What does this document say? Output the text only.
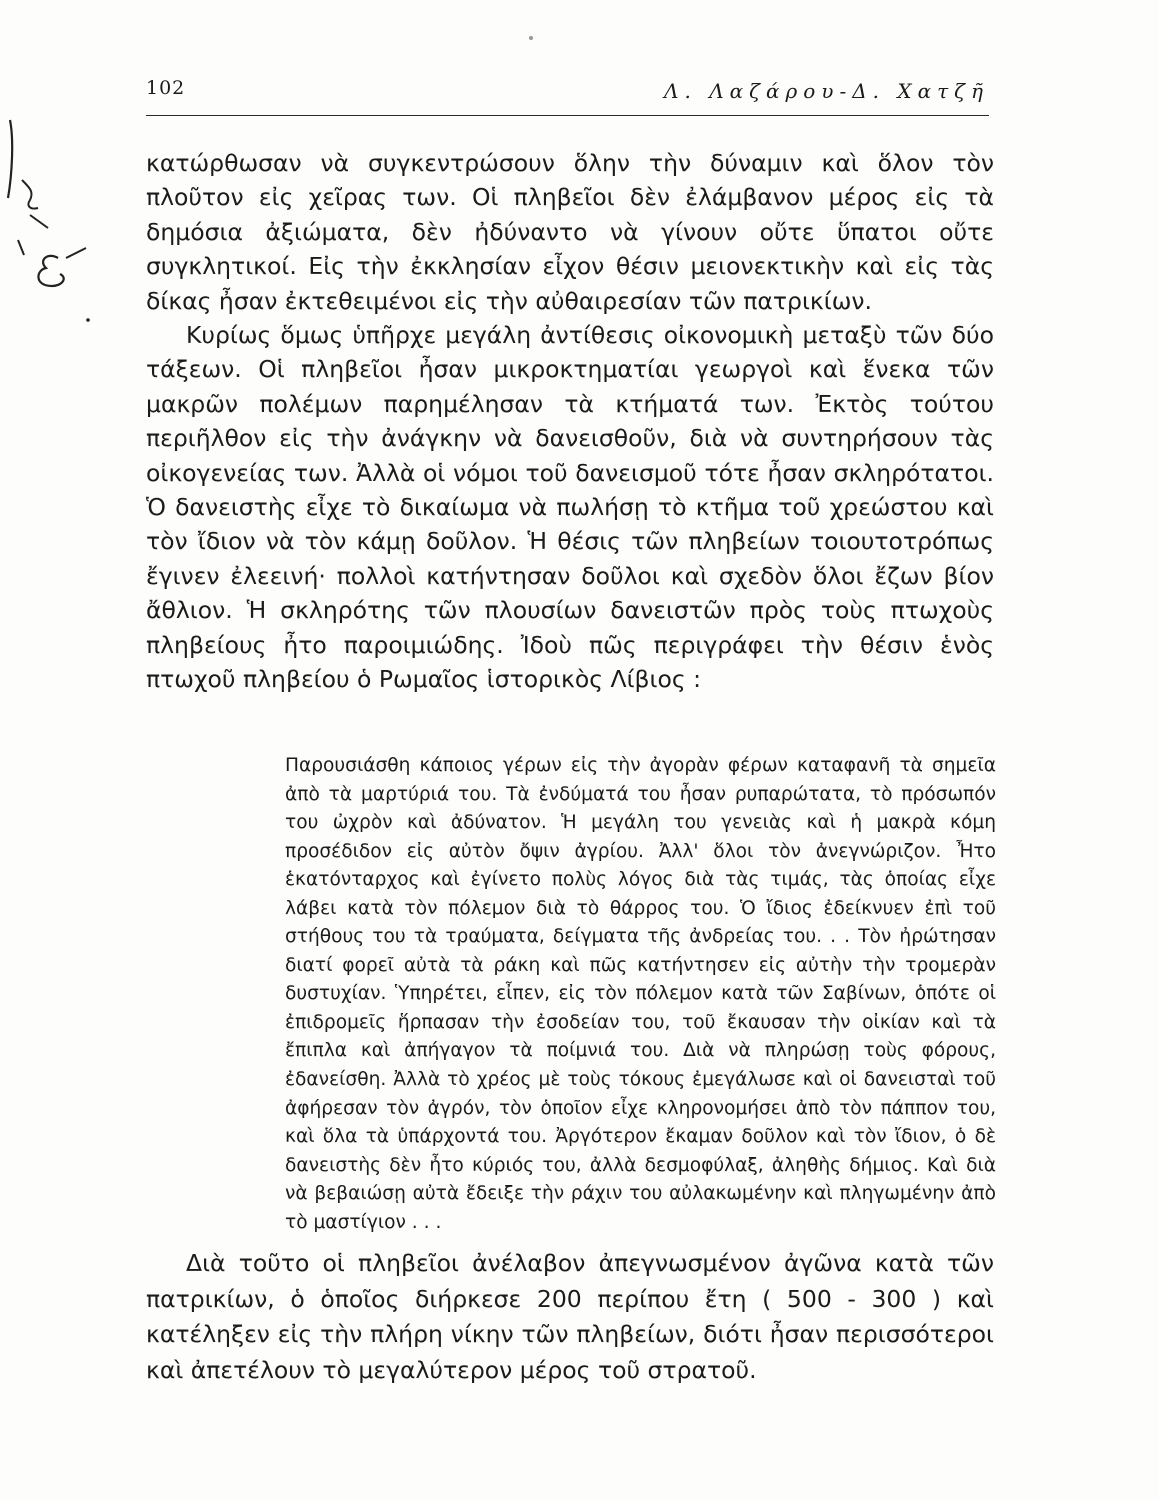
102	Λ. Λαζάρου-Δ. Χατζῆ

κατώρθωσαν νὰ συγκεντρώσουν ὅλην τὴν δύναμιν καὶ ὅλον τὸν πλοῦτον εἰς χεῖρας των. Οἱ πληβεῖοι δὲν ἐλάμβανον μέρος εἰς τὰ δημόσια ἀξιώματα, δὲν ἠδύναντο νὰ γίνουν οὔτε ὕπατοι οὔτε συγκλητικοί. Εἰς τὴν ἐκκλησίαν εἶχον θέσιν μειονεκτικὴν καὶ εἰς τὰς δίκας ἦσαν ἐκτεθειμένοι εἰς τὴν αὐθαιρεσίαν τῶν πατρικίων.

Κυρίως ὅμως ὑπῆρχε μεγάλη ἀντίθεσις οἰκονομικὴ μεταξὺ τῶν δύο τάξεων. Οἱ πληβεῖοι ἦσαν μικροκτηματίαι γεωργοὶ καὶ ἕνεκα τῶν μακρῶν πολέμων παρημέλησαν τὰ κτήματά των. Ἐκτὸς τούτου περιῆλθον εἰς τὴν ἀνάγκην νὰ δανεισθοῦν, διὰ νὰ συντηρήσουν τὰς οἰκογενείας των. Ἀλλὰ οἱ νόμοι τοῦ δανεισμοῦ τότε ἦσαν σκληρότατοι. Ὁ δανειστὴς εἶχε τὸ δικαίωμα νὰ πωλήσῃ τὸ κτῆμα τοῦ χρεώστου καὶ τὸν ἴδιον νὰ τὸν κάμῃ δοῦλον. Ἡ θέσις τῶν πληβείων τοιουτοτρόπως ἔγινεν ἐλεεινή· πολλοὶ κατήντησαν δοῦλοι καὶ σχεδὸν ὅλοι ἔζων βίον ἄθλιον. Ἡ σκληρότης τῶν πλουσίων δανειστῶν πρὸς τοὺς πτωχοὺς πληβείους ἦτο παροιμιώδης. Ἰδοὺ πῶς περιγράφει τὴν θέσιν ἑνὸς πτωχοῦ πληβείου ὁ Ρωμαῖος ἱστορικὸς Λίβιος :

Παρουσιάσθη κάποιος γέρων εἰς τὴν ἀγορὰν φέρων καταφανῆ τὰ σημεῖα ἀπὸ τὰ μαρτύριά του. Τὰ ἐνδύματά του ἦσαν ρυπαρώτατα, τὸ πρόσωπόν του ὠχρὸν καὶ ἀδύνατον. Ἡ μεγάλη του γενειὰς καὶ ἡ μακρὰ κόμη προσέδιδον εἰς αὐτὸν ὄψιν ἀγρίου. Ἀλλ' ὅλοι τὸν ἀνεγνώριζον. Ἦτο ἑκατόνταρχος καὶ ἐγίνετο πολὺς λόγος διὰ τὰς τιμάς, τὰς ὁποίας εἶχε λάβει κατὰ τὸν πόλεμον διὰ τὸ θάρρος του. Ὁ ἴδιος ἐδείκνυεν ἐπὶ τοῦ στήθους του τὰ τραύματα, δείγματα τῆς ἀνδρείας του. . . Τὸν ἠρώτησαν διατί φορεῖ αὐτὰ τὰ ράκη καὶ πῶς κατήντησεν εἰς αὐτὴν τὴν τρομερὰν δυστυχίαν. Ὑπηρέτει, εἶπεν, εἰς τὸν πόλεμον κατὰ τῶν Σαβίνων, ὁπότε οἱ ἐπιδρομεῖς ἥρπασαν τὴν ἐσοδείαν του, τοῦ ἔκαυσαν τὴν οἰκίαν καὶ τὰ ἔπιπλα καὶ ἀπήγαγον τὰ ποίμνιά του. Διὰ νὰ πληρώσῃ τοὺς φόρους, ἐδανείσθη. Ἀλλὰ τὸ χρέος μὲ τοὺς τόκους ἐμεγάλωσε καὶ οἱ δανεισταὶ τοῦ ἀφήρεσαν τὸν ἀγρόν, τὸν ὁποῖον εἶχε κληρονομήσει ἀπὸ τὸν πάππον του, καὶ ὅλα τὰ ὑπάρχοντά του. Ἀργότερον ἔκαμαν δοῦλον καὶ τὸν ἴδιον, ὁ δὲ δανειστὴς δὲν ἦτο κύριός του, ἀλλὰ δεσμοφύλαξ, ἀληθὴς δήμιος. Καὶ διὰ νὰ βεβαιώσῃ αὐτὰ ἔδειξε τὴν ράχιν του αὐλακωμένην καὶ πληγωμένην ἀπὸ τὸ μαστίγιον . . .

Διὰ τοῦτο οἱ πληβεῖοι ἀνέλαβον ἀπεγνωσμένον ἀγῶνα κατὰ τῶν πατρικίων, ὁ ὁποῖος διήρκεσε 200 περίπου ἔτη ( 500 - 300 ) καὶ κατέληξεν εἰς τὴν πλήρη νίκην τῶν πληβείων, διότι ἦσαν περισσότεροι καὶ ἀπετέλουν τὸ μεγαλύτερον μέρος τοῦ στρατοῦ.
